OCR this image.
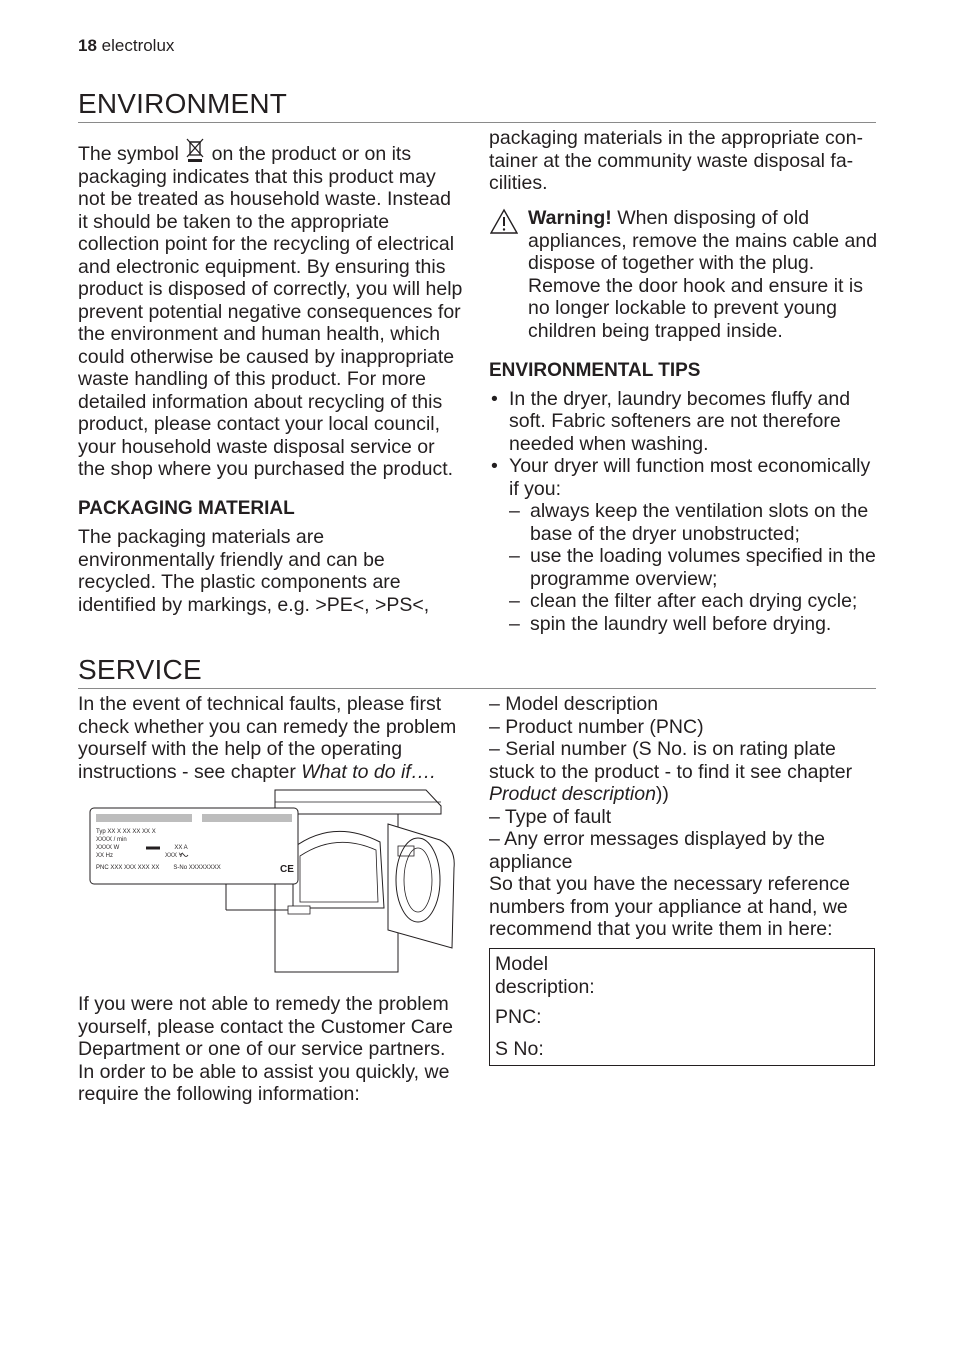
18 electrolux
ENVIRONMENT

The symbol on the product or on its packaging indicates that this product may not be treated as household waste. Instead it should be taken to the appropriate collection point for the recycling of electrical and electronic equipment. By ensuring this product is disposed of correctly, you will help prevent potential negative consequences for the environment and human health, which could otherwise be caused by inappropriate waste handling of this product. For more detailed information about recycling of this product, please contact your local council, your household waste disposal service or the shop where you purchased the product.

PACKAGING MATERIAL

The packaging materials are environmentally friendly and can be recycled. The plastic components are identified by markings, e.g. >PE<, >PS<,

packaging materials in the appropriate con-
tainer at the community waste disposal fa-
cilities.

Warning! When disposing of old appliances, remove the mains cable and dispose of together with the plug. Remove the door hook and ensure it is no longer lockable to prevent young children being trapped inside.

ENVIRONMENTAL TIPS

• In the dryer, laundry becomes fluffy and soft. Fabric softeners are not therefore needed when washing.
• Your dryer will function most economically if you:
– always keep the ventilation slots on the base of the dryer unobstructed;
– use the loading volumes specified in the programme overview;
– clean the filter after each drying cycle;
– spin the laundry well before drying.
SERVICE

In the event of technical faults, please first check whether you can remedy the problem yourself with the help of the operating instructions - see chapter What to do if….

Typ XX X XX XX XX X
XXXX / min
XXXX W	XX A
XX Hz	XXX V
PNC XXX XXX XXX XX S-No XXXXXXXX	CE
If you were not able to remedy the problem yourself, please contact the Customer Care Department or one of our service partners. In order to be able to assist you quickly, we require the following information:

– Model description

– Product number (PNC)

– Serial number (S No. is on rating plate stuck to the product - to find it see chapter Product description))

– Type of fault

– Any error messages displayed by the appliance

So that you have the necessary reference numbers from your appliance at hand, we recommend that you write them in here:

Model description:
PNC:
S No:
